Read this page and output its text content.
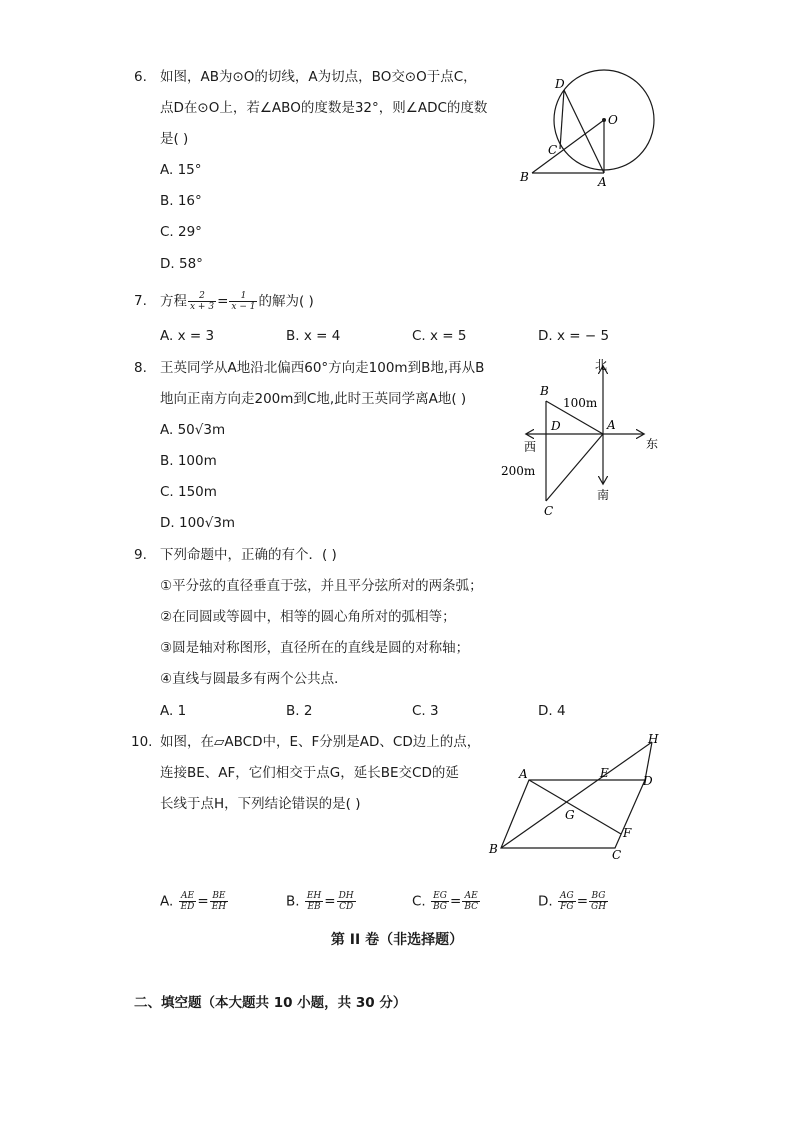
6. 如图，AB为⊙O的切线，A为切点，BO交⊙O于点C，
点D在⊙O上，若∠ABO的度数是32°，则∠ADC的度数
是( )
A. 15°
B. 16°
C. 29°
D. 58°
D
O
C
B	A
7. 方程 $\frac{2}{x + 3} = \frac{1}{x - 1}$ 的解为( )
A. x = 3	B. x = 4	C. x = 5	D. x = − 5
8. 王英同学从A地沿北偏西60°方向走100m到B地,再从B
地向正南方向走200m到C地,此时王英同学离A地( )
A. 50√3m
B. 100m
C. 150m
D. 100√3m
北
南
西	东
B
A
D
C
100m
200m
9. 下列命题中，正确的有个．( )
①平分弦的直径垂直于弦，并且平分弦所对的两条弧；
②在同圆或等圆中，相等的圆心角所对的弧相等；
③圆是轴对称图形，直径所在的直线是圆的对称轴；
④直线与圆最多有两个公共点．
A. 1	B. 2	C. 3	D. 4
10. 如图，在▱ABCD中，E、F分别是AD、CD边上的点，
连接BE、AF，它们相交于点G，延长BE交CD的延
长线于点H，下列结论错误的是( )
H
A	E
D
G
F
B	C
A. $\frac{AE}{ED} = \frac{BE}{EH}$	B. $\frac{EH}{EB} = \frac{DH}{CD}$	C. $\frac{EG}{BG} = \frac{AE}{BC}$	D. $\frac{AG}{FG} = \frac{BG}{GH}$
第 II 卷（非选择题）
二、填空题（本大题共 10 小题，共 30 分）
